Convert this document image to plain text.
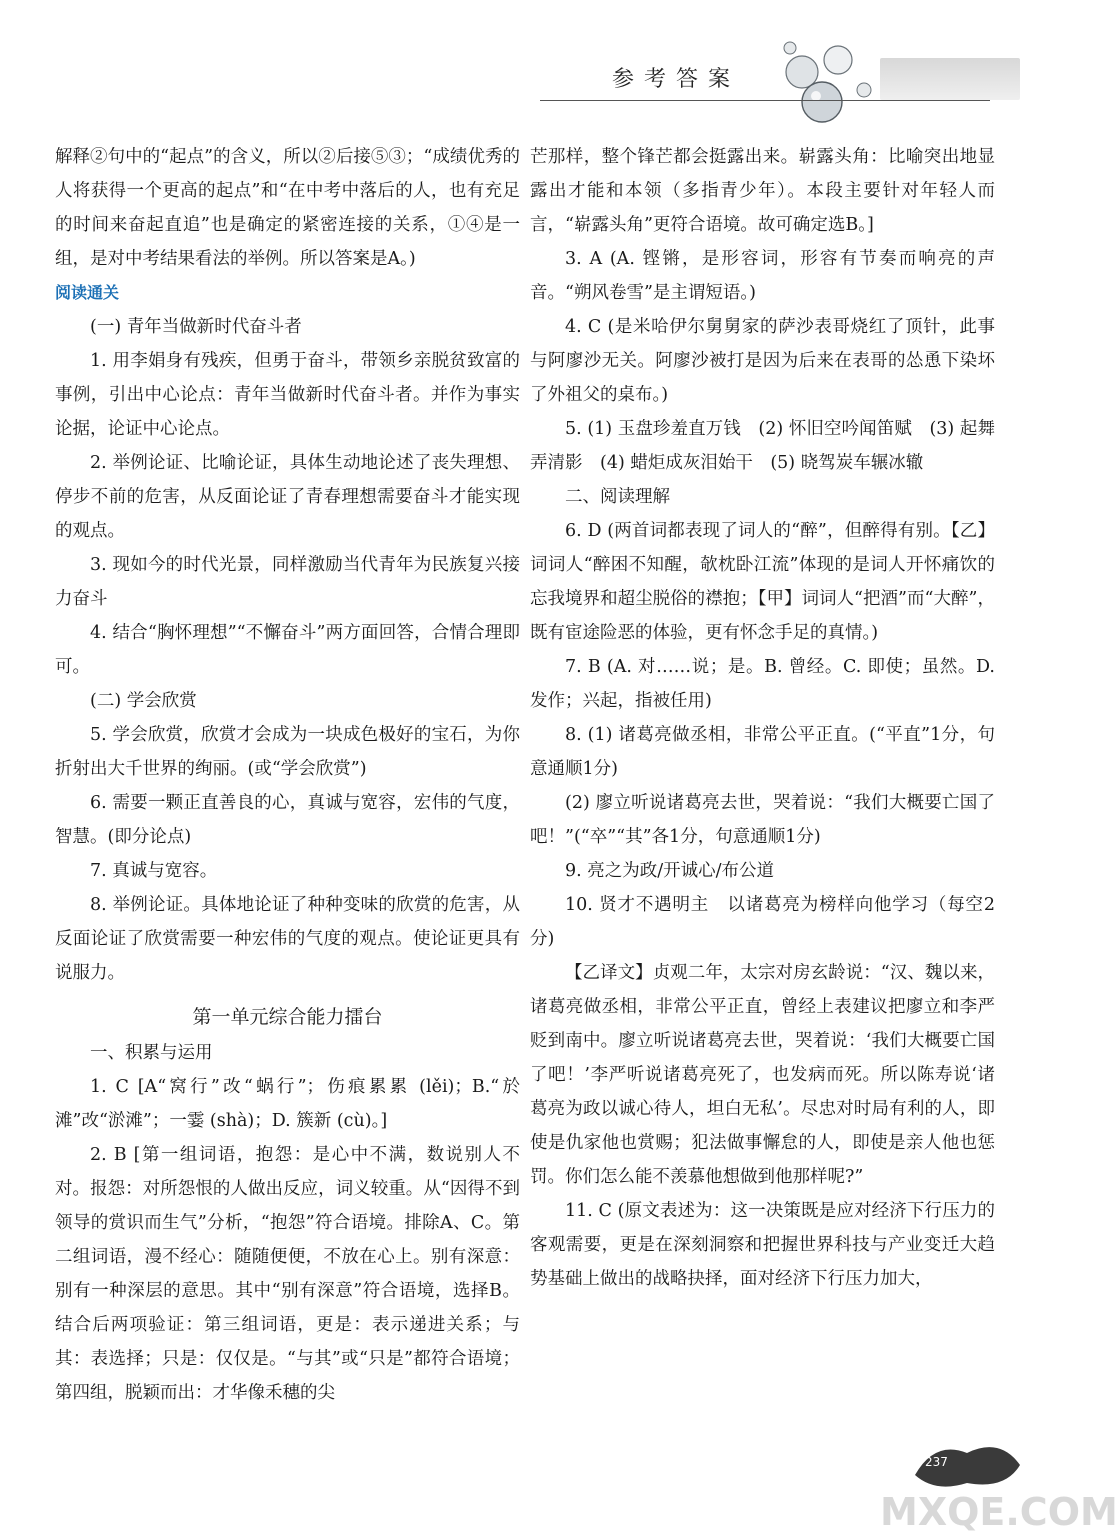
参考答案

解释②句中的“起点”的含义，所以②后接⑤③；“成绩优秀的人将获得一个更高的起点”和“在中考中落后的人，也有充足的时间来奋起直追”也是确定的紧密连接的关系，①④是一组，是对中考结果看法的举例。所以答案是A。)

阅读通关

(一) 青年当做新时代奋斗者

1. 用李娟身有残疾，但勇于奋斗，带领乡亲脱贫致富的事例，引出中心论点：青年当做新时代奋斗者。并作为事实论据，论证中心论点。

2. 举例论证、比喻论证，具体生动地论述了丧失理想、停步不前的危害，从反面论证了青春理想需要奋斗才能实现的观点。

3. 现如今的时代光景，同样激励当代青年为民族复兴接力奋斗

4. 结合“胸怀理想”“不懈奋斗”两方面回答，合情合理即可。

(二) 学会欣赏

5. 学会欣赏，欣赏才会成为一块成色极好的宝石，为你折射出大千世界的绚丽。(或“学会欣赏”)

6. 需要一颗正直善良的心，真诚与宽容，宏伟的气度，智慧。(即分论点)

7. 真诚与宽容。

8. 举例论证。具体地论证了种种变味的欣赏的危害，从反面论证了欣赏需要一种宏伟的气度的观点。使论证更具有说服力。

第一单元综合能力擂台

一、积累与运用

1. C [A“窝行”改“蜗行”；伤痕累累 (lěi)；B.“於滩”改“淤滩”；一霎 (shà)；D. 簇新 (cù)。]

2. B [第一组词语，抱怨：是心中不满，数说别人不对。报怨：对所怨恨的人做出反应，词义较重。从“因得不到领导的赏识而生气”分析，“抱怨”符合语境。排除A、C。第二组词语，漫不经心：随随便便，不放在心上。别有深意：别有一种深层的意思。其中“别有深意”符合语境，选择B。结合后两项验证：第三组词语，更是：表示递进关系；与其：表选择；只是：仅仅是。“与其”或“只是”都符合语境；第四组，脱颖而出：才华像禾穗的尖

芒那样，整个锋芒都会挺露出来。崭露头角：比喻突出地显露出才能和本领（多指青少年）。本段主要针对年轻人而言，“崭露头角”更符合语境。故可确定选B。]

3. A (A. 铿锵，是形容词，形容有节奏而响亮的声音。“朔风卷雪”是主谓短语。)

4. C (是米哈伊尔舅舅家的萨沙表哥烧红了顶针，此事与阿廖沙无关。阿廖沙被打是因为后来在表哥的怂恿下染坏了外祖父的桌布。)

5. (1) 玉盘珍羞直万钱　(2) 怀旧空吟闻笛赋　(3) 起舞弄清影　(4) 蜡炬成灰泪始干　(5) 晓驾炭车辗冰辙

二、阅读理解

6. D (两首词都表现了词人的“醉”，但醉得有别。【乙】词词人“醉困不知醒，欹枕卧江流”体现的是词人开怀痛饮的忘我境界和超尘脱俗的襟抱；【甲】词词人“把酒”而“大醉”，既有宦途险恶的体验，更有怀念手足的真情。)

7. B (A. 对……说；是。B. 曾经。C. 即使；虽然。D. 发作；兴起，指被任用)

8. (1) 诸葛亮做丞相，非常公平正直。(“平直”1分，句意通顺1分)

(2) 廖立听说诸葛亮去世，哭着说：“我们大概要亡国了吧！”(“卒”“其”各1分，句意通顺1分)

9. 亮之为政/开诚心/布公道

10. 贤才不遇明主　以诸葛亮为榜样向他学习（每空2分)

【乙译文】贞观二年，太宗对房玄龄说：“汉、魏以来，诸葛亮做丞相，非常公平正直，曾经上表建议把廖立和李严贬到南中。廖立听说诸葛亮去世，哭着说：‘我们大概要亡国了吧！’李严听说诸葛亮死了，也发病而死。所以陈寿说‘诸葛亮为政以诚心待人，坦白无私’。尽忠对时局有利的人，即使是仇家他也赏赐；犯法做事懈怠的人，即使是亲人他也惩罚。你们怎么能不羡慕他想做到他那样呢?”

11. C (原文表述为：这一决策既是应对经济下行压力的客观需要，更是在深刻洞察和把握世界科技与产业变迁大趋势基础上做出的战略抉择，面对经济下行压力加大，

237
MXQE.COM
